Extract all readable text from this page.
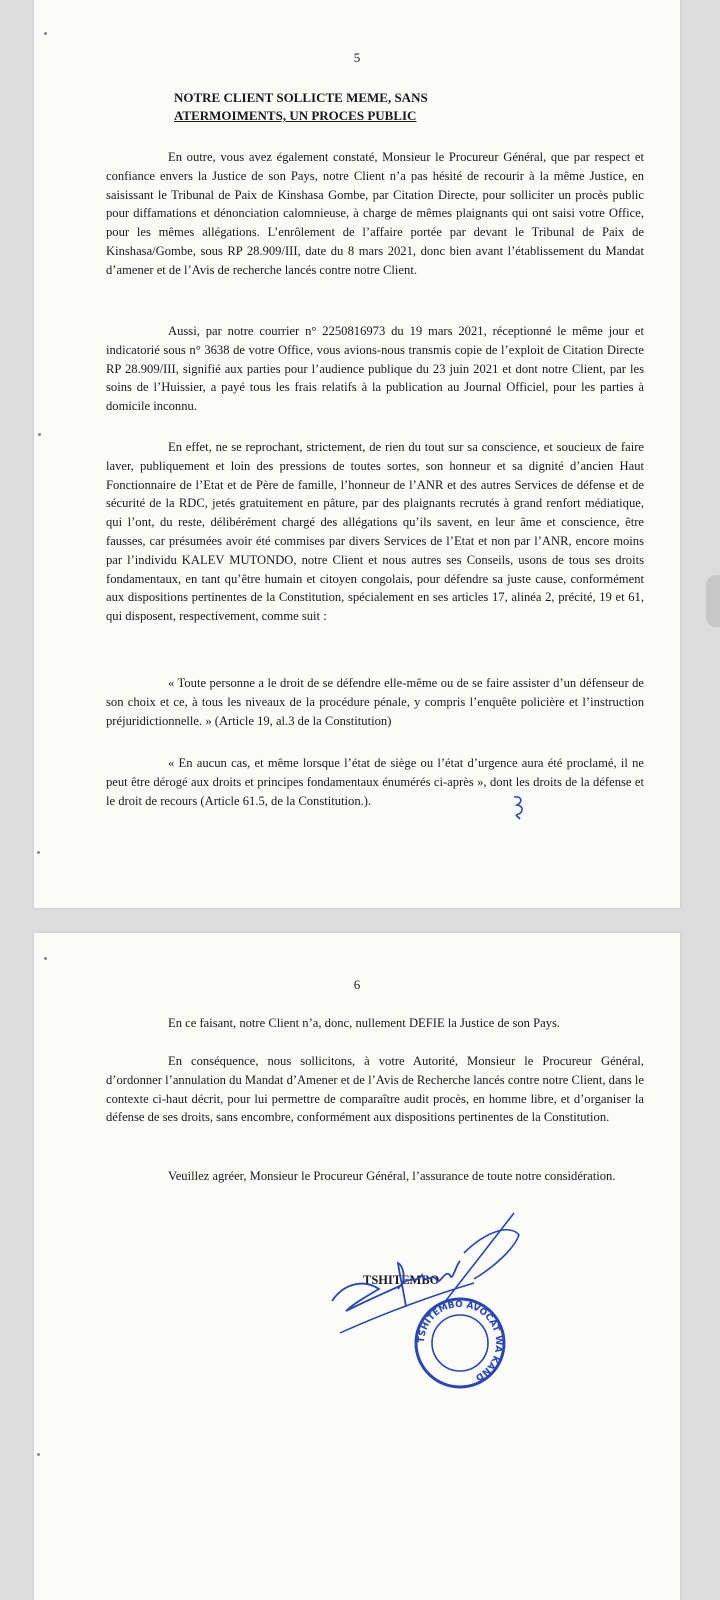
5
NOTRE CLIENT SOLLICTE MEME, SANS
ATERMOIMENTS, UN PROCES PUBLIC

En outre, vous avez également constaté, Monsieur le Procureur Général, que par respect et confiance envers la Justice de son Pays, notre Client n’a pas hésité de recourir à la même Justice, en saisissant le Tribunal de Paix de Kinshasa Gombe, par Citation Directe, pour solliciter un procès public pour diffamations et dénonciation calomnieuse, à charge de mêmes plaignants qui ont saisi votre Office, pour les mêmes allégations. L’enrôlement de l’affaire portée par devant le Tribunal de Paix de Kinshasa/Gombe, sous RP 28.909/III, date du 8 mars 2021, donc bien avant l’établissement du Mandat d’amener et de l’Avis de recherche lancés contre notre Client.

Aussi, par notre courrier n° 2250816973 du 19 mars 2021, réceptionné le même jour et indicatorié sous n° 3638 de votre Office, vous avions-nous transmis copie de l’exploit de Citation Directe RP 28.909/III, signifié aux parties pour l’audience publique du 23 juin 2021 et dont notre Client, par les soins de l’Huissier, a payé tous les frais relatifs à la publication au Journal Officiel, pour les parties à domicile inconnu.

En effet, ne se reprochant, strictement, de rien du tout sur sa conscience, et soucieux de faire laver, publiquement et loin des pressions de toutes sortes, son honneur et sa dignité d’ancien Haut Fonctionnaire de l’Etat et de Père de famille, l’honneur de l’ANR et des autres Services de défense et de sécurité de la RDC, jetés gratuitement en pâture, par des plaignants recrutés à grand renfort médiatique, qui l’ont, du reste, délibérément chargé des allégations qu’ils savent, en leur âme et conscience, être fausses, car présumées avoir été commises par divers Services de l’Etat et non par l’ANR, encore moins par l’individu KALEV MUTONDO, notre Client et nous autres ses Conseils, usons de tous ses droits fondamentaux, en tant qu’être humain et citoyen congolais, pour défendre sa juste cause, conformément aux dispositions pertinentes de la Constitution, spécialement en ses articles 17, alinéa 2, précité, 19 et 61, qui disposent, respectivement, comme suit :

« Toute personne a le droit de se défendre elle-même ou de se faire assister d’un défenseur de son choix et ce, à tous les niveaux de la procédure pénale, y compris l’enquête policière et l’instruction préjuridictionnelle. » (Article 19, al.3 de la Constitution)

« En aucun cas, et même lorsque l’état de siège ou l’état d’urgence aura été proclamé, il ne peut être dérogé aux droits et principes fondamentaux énumérés ci-après », dont les droits de la défense et le droit de recours (Article 61.5, de la Constitution.).

6

En ce faisant, notre Client n’a, donc, nullement DEFIE la Justice de son Pays.

En conséquence, nous sollicitons, à votre Autorité, Monsieur le Procureur Général, d’ordonner l’annulation du Mandat d’Amener et de l’Avis de Recherche lancés contre notre Client, dans le contexte ci-haut décrit, pour lui permettre de comparaître audit procès, en homme libre, et d’organiser la défense de ses droits, sans encombre, conformément aux dispositions pertinentes de la Constitution.

Veuillez agréer, Monsieur le Procureur Général, l’assurance de toute notre considération.

TSHITEMBO
TSHITEMBO AVOCAT WA KAND
